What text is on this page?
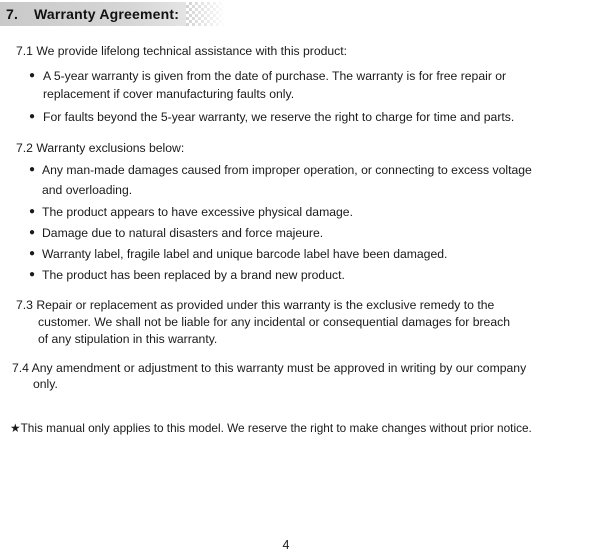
7. Warranty Agreement:
7.1 We provide lifelong technical assistance with this product:
● A 5-year warranty is given from the date of purchase. The warranty is for free repair or
replacement if cover manufacturing faults only.
● For faults beyond the 5-year warranty, we reserve the right to charge for time and parts.
7.2 Warranty exclusions below:
● Any man-made damages caused from improper operation, or connecting to excess voltage
and overloading.
● The product appears to have excessive physical damage.
● Damage due to natural disasters and force majeure.
● Warranty label, fragile label and unique barcode label have been damaged.
● The product has been replaced by a brand new product.
7.3 Repair or replacement as provided under this warranty is the exclusive remedy to the
customer. We shall not be liable for any incidental or consequential damages for breach
of any stipulation in this warranty.
7.4 Any amendment or adjustment to this warranty must be approved in writing by our company
only.
★This manual only applies to this model. We reserve the right to make changes without prior notice.
4
